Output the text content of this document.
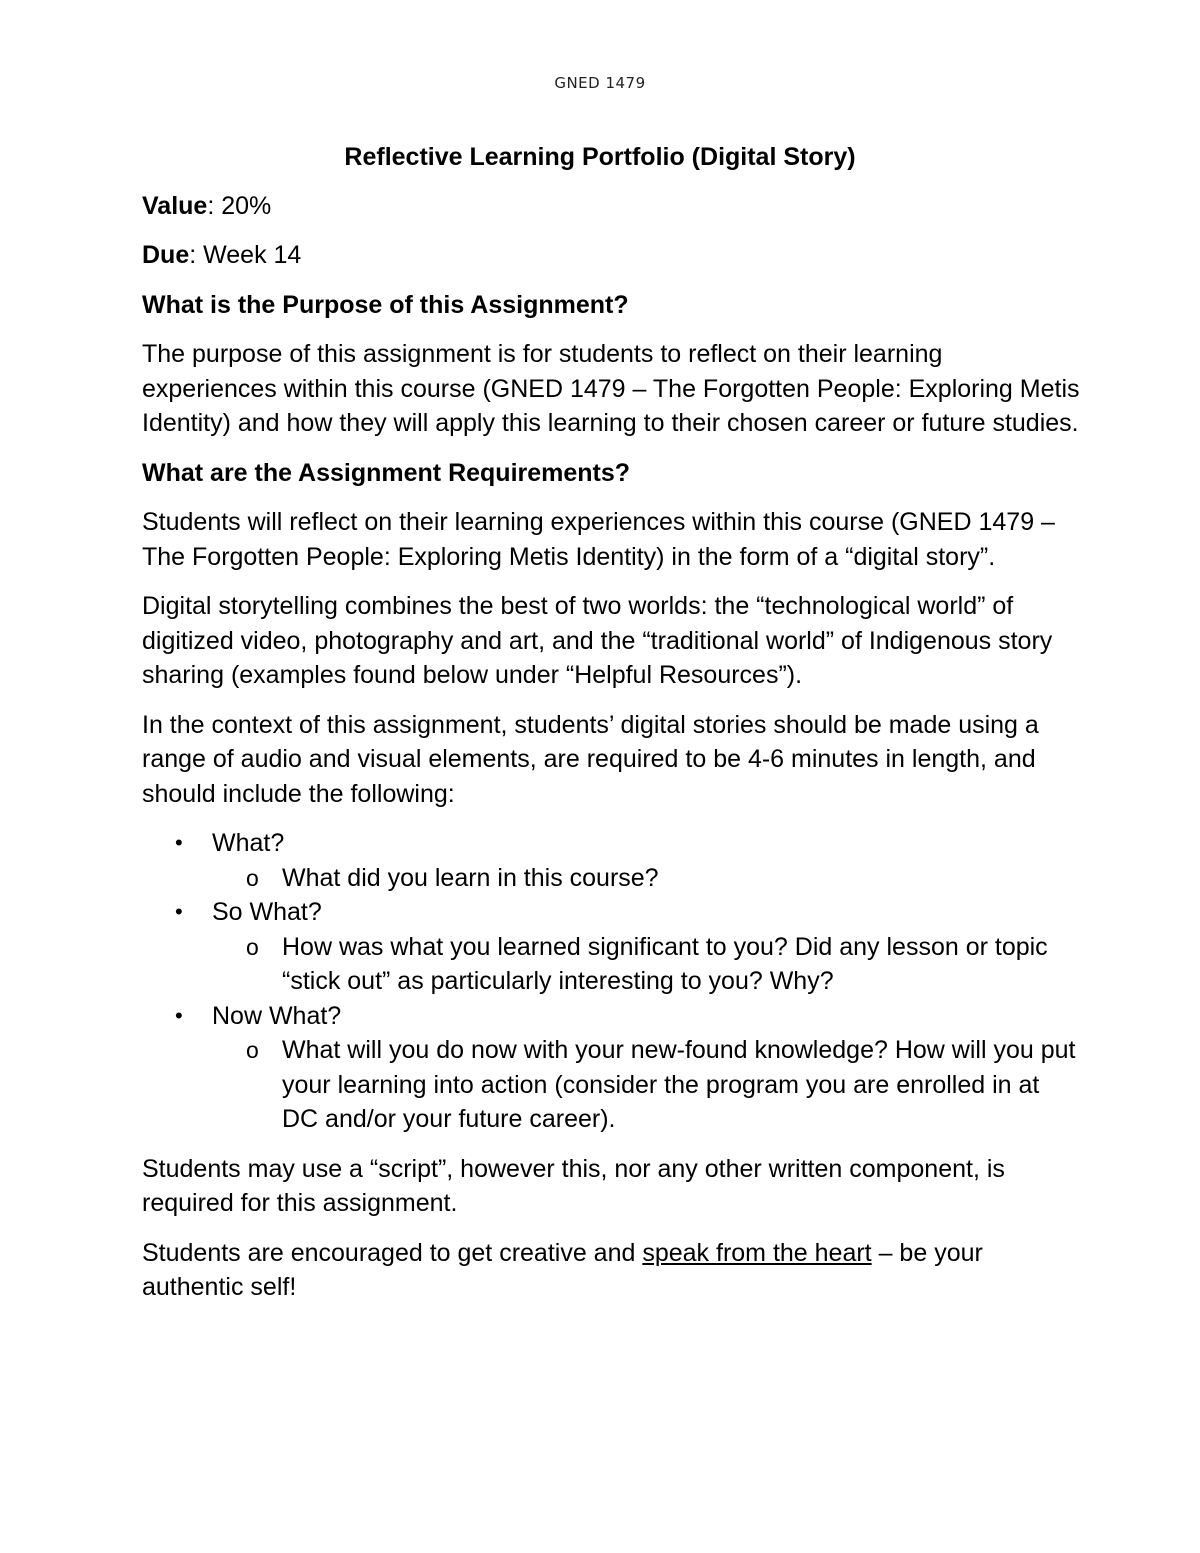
GNED 1479
Reflective Learning Portfolio (Digital Story)
Value: 20%
Due: Week 14
What is the Purpose of this Assignment?
The purpose of this assignment is for students to reflect on their learning experiences within this course (GNED 1479 – The Forgotten People: Exploring Metis Identity) and how they will apply this learning to their chosen career or future studies.
What are the Assignment Requirements?
Students will reflect on their learning experiences within this course (GNED 1479 – The Forgotten People: Exploring Metis Identity) in the form of a “digital story”.
Digital storytelling combines the best of two worlds: the “technological world” of digitized video, photography and art, and the “traditional world” of Indigenous story sharing (examples found below under “Helpful Resources”).
In the context of this assignment, students’ digital stories should be made using a range of audio and visual elements, are required to be 4-6 minutes in length, and should include the following:
• What?
o What did you learn in this course?
• So What?
o How was what you learned significant to you? Did any lesson or topic “stick out” as particularly interesting to you? Why?
• Now What?
o What will you do now with your new-found knowledge? How will you put your learning into action (consider the program you are enrolled in at DC and/or your future career).
Students may use a “script”, however this, nor any other written component, is required for this assignment.
Students are encouraged to get creative and speak from the heart – be your authentic self!
